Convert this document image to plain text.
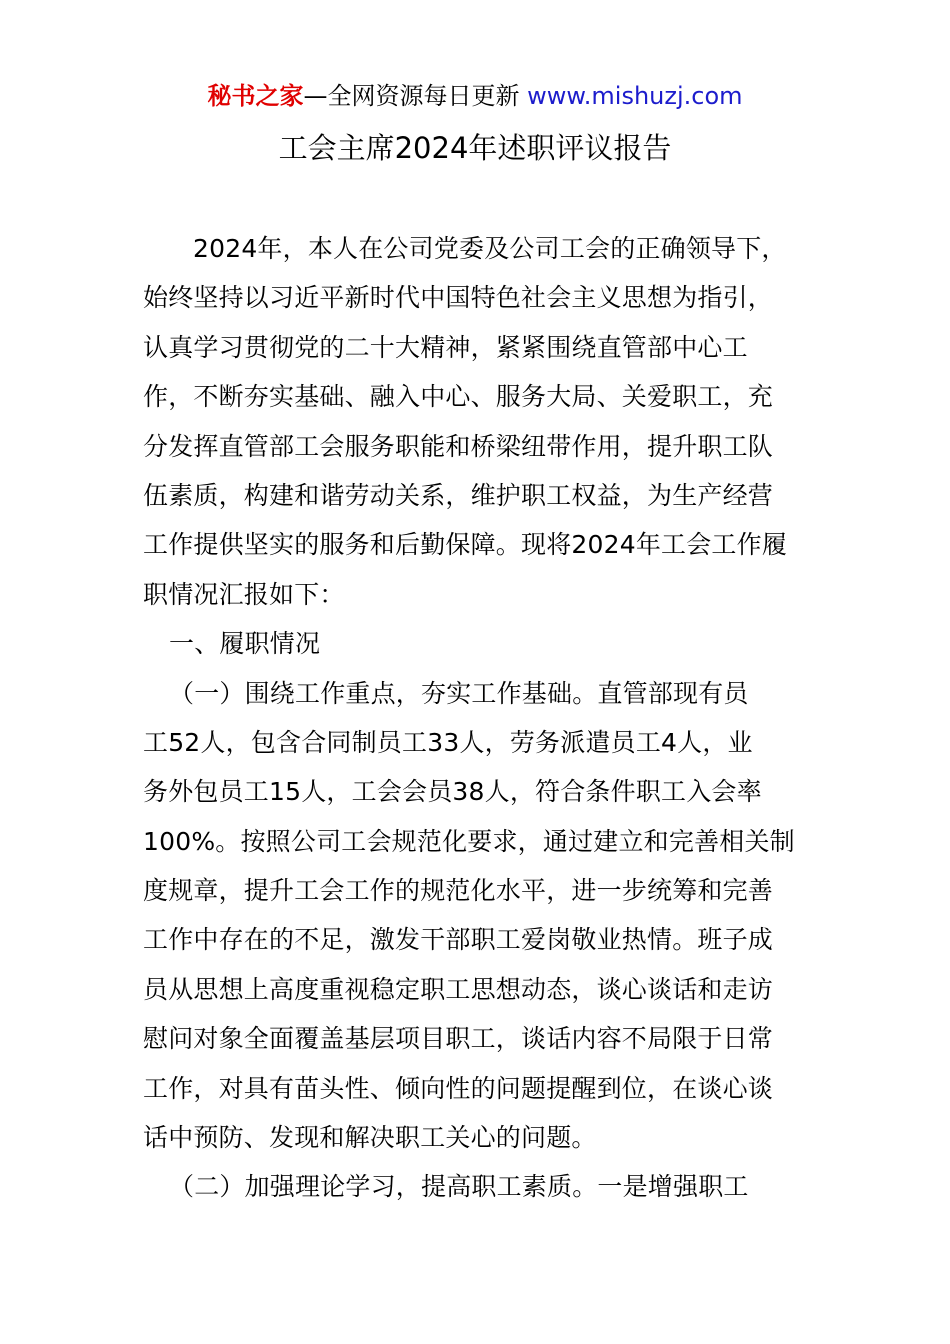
秘书之家—全网资源每日更新 www.mishuzj.com
工会主席2024年述职评议报告
2024年，本人在公司党委及公司工会的正确领导下，
始终坚持以习近平新时代中国特色社会主义思想为指引，
认真学习贯彻党的二十大精神，紧紧围绕直管部中心工
作，不断夯实基础、融入中心、服务大局、关爱职工，充
分发挥直管部工会服务职能和桥梁纽带作用，提升职工队
伍素质，构建和谐劳动关系，维护职工权益，为生产经营
工作提供坚实的服务和后勤保障。现将2024年工会工作履
职情况汇报如下：
一、履职情况
（一）围绕工作重点，夯实工作基础。直管部现有员
工52人，包含合同制员工33人，劳务派遣员工4人，业
务外包员工15人，工会会员38人，符合条件职工入会率
100%。按照公司工会规范化要求，通过建立和完善相关制
度规章，提升工会工作的规范化水平，进一步统筹和完善
工作中存在的不足，激发干部职工爱岗敬业热情。班子成
员从思想上高度重视稳定职工思想动态，谈心谈话和走访
慰问对象全面覆盖基层项目职工，谈话内容不局限于日常
工作，对具有苗头性、倾向性的问题提醒到位，在谈心谈
话中预防、发现和解决职工关心的问题。
（二）加强理论学习，提高职工素质。一是增强职工
